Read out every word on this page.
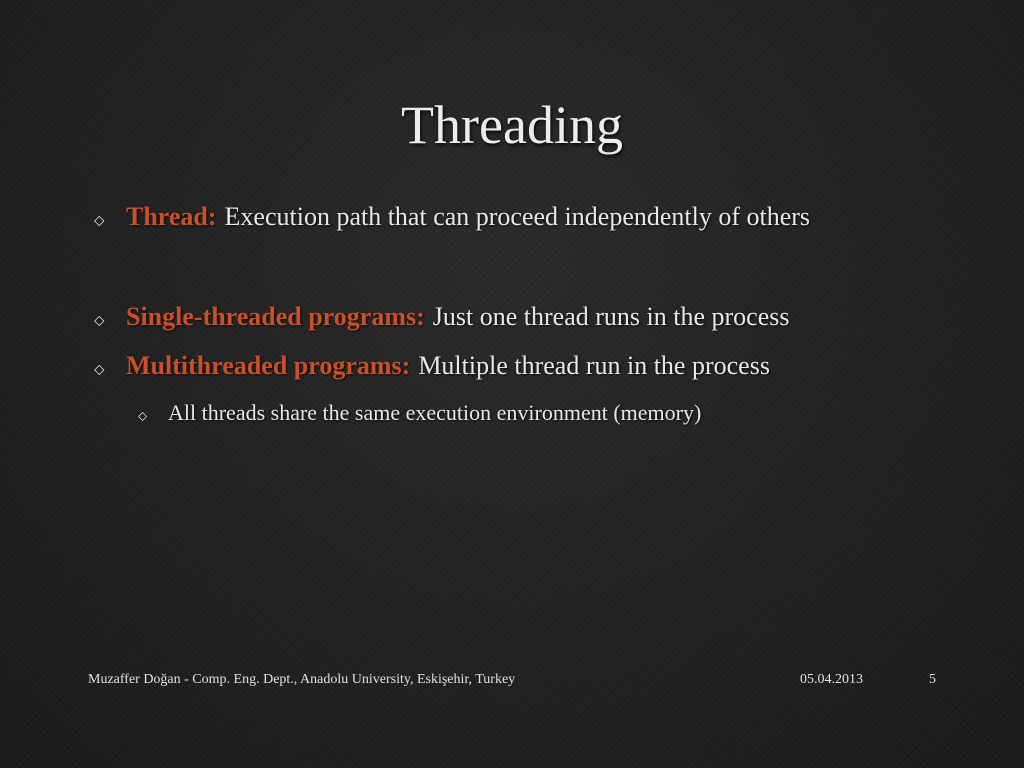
Threading
⬦ Thread: Execution path that can proceed independently of others
⬦ Single-threaded programs: Just one thread runs in the process
⬦ Multithreaded programs: Multiple thread run in the process
⬦ All threads share the same execution environment (memory)
Muzaffer Doğan - Comp. Eng. Dept., Anadolu University, Eskişehir, Turkey	05.04.2013	5
